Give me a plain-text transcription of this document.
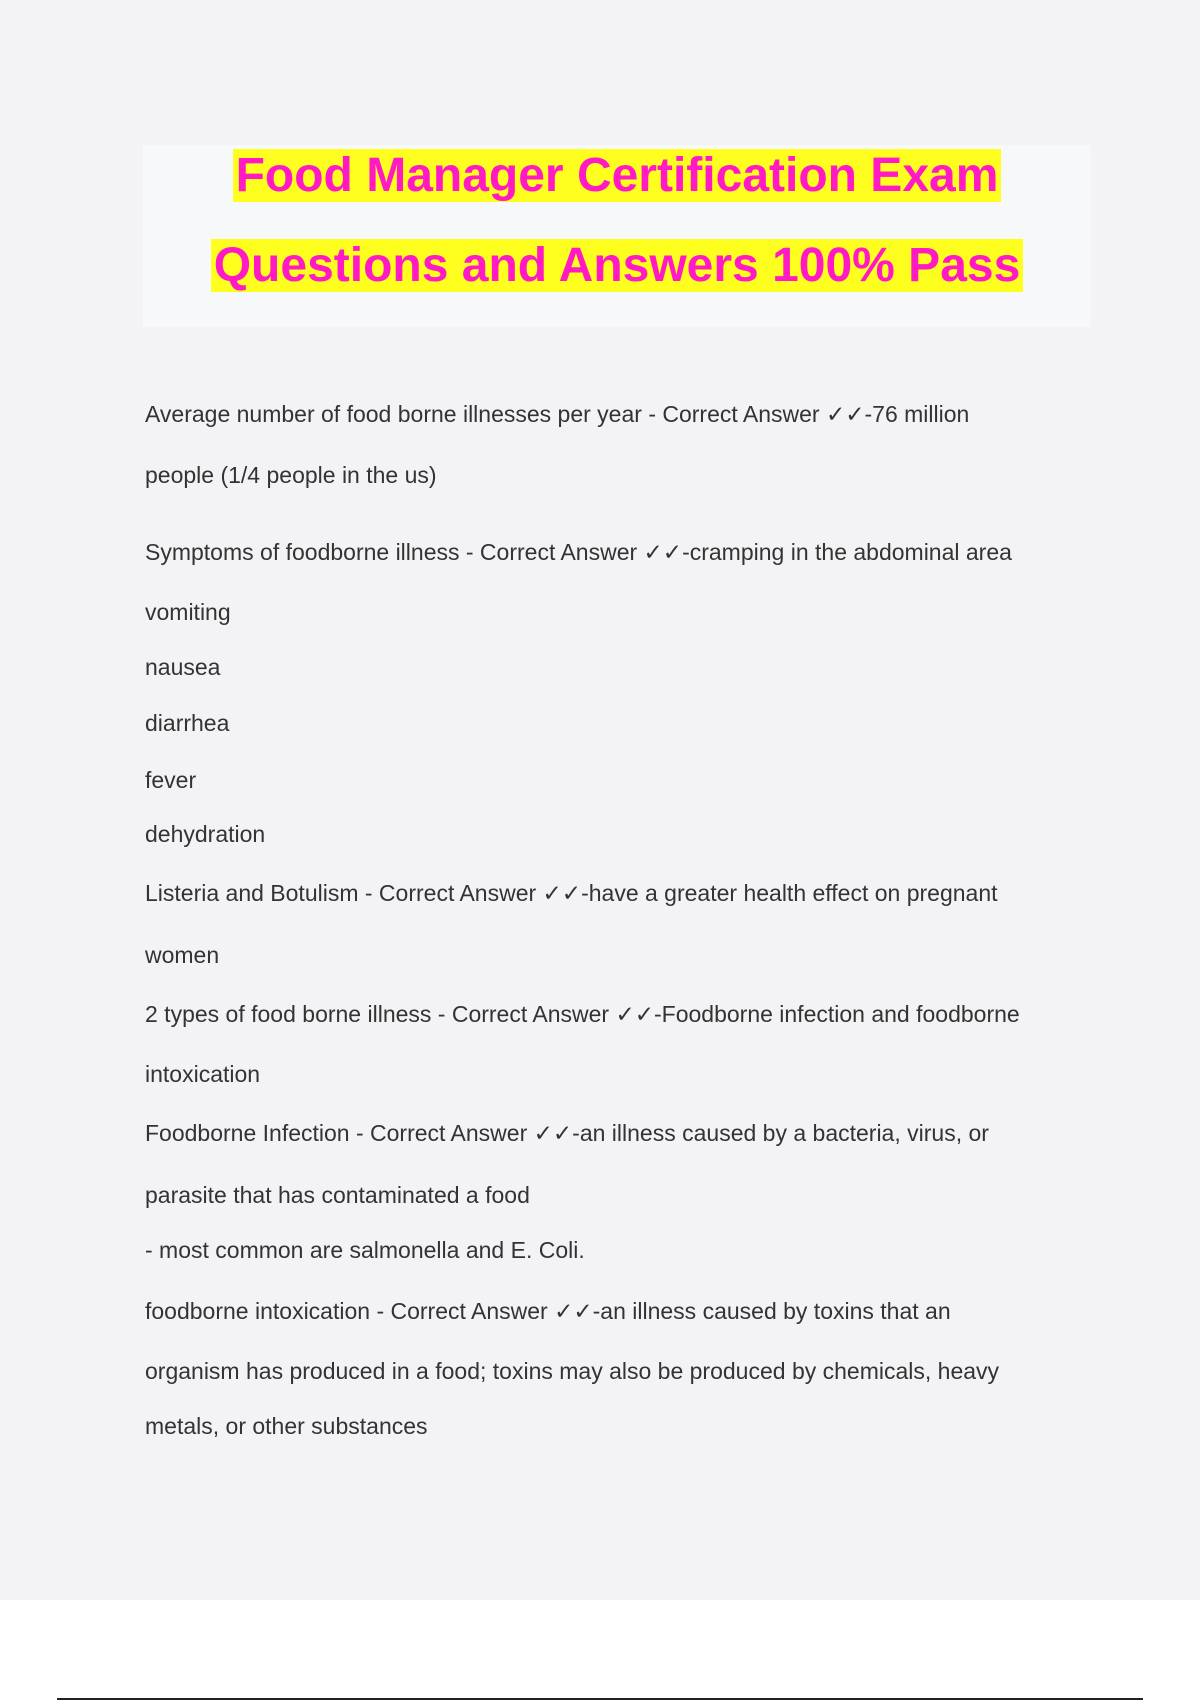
Food Manager Certification Exam
Questions and Answers 100% Pass
Average number of food borne illnesses per year - Correct Answer ✓✓-76 million
people (1/4 people in the us)
Symptoms of foodborne illness - Correct Answer ✓✓-cramping in the abdominal area
vomiting
nausea
diarrhea
fever
dehydration
Listeria and Botulism - Correct Answer ✓✓-have a greater health effect on pregnant
women
2 types of food borne illness - Correct Answer ✓✓-Foodborne infection and foodborne
intoxication
Foodborne Infection - Correct Answer ✓✓-an illness caused by a bacteria, virus, or
parasite that has contaminated a food
- most common are salmonella and E. Coli.
foodborne intoxication - Correct Answer ✓✓-an illness caused by toxins that an
organism has produced in a food; toxins may also be produced by chemicals, heavy
metals, or other substances
